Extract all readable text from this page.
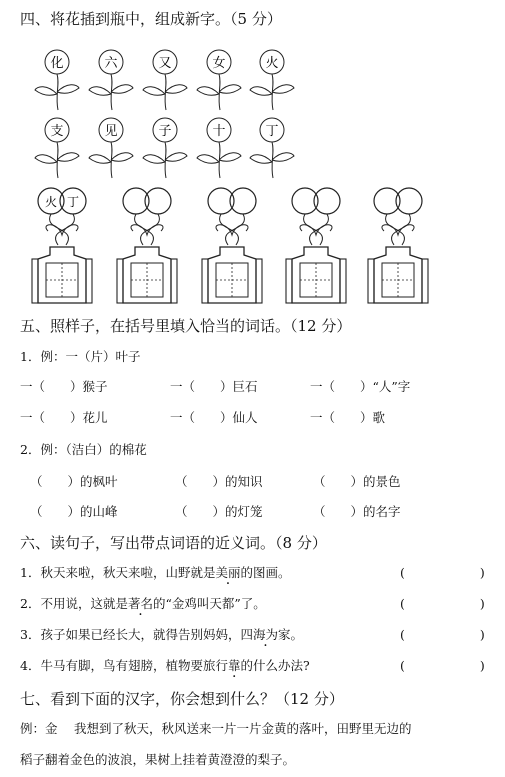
四、将花插到瓶中，组成新字。（5 分）
化	六	又	女	火
支	见	子	十	丁
火 丁
五、照样子，在括号里填入恰当的词话。（12 分）
1．例：一（片）叶子
一（　　）猴子	一（　　）巨石	一（　　）“人”字
一（　　）花儿	一（　　）仙人	一（　　）歌
2．例：（洁白）的棉花
（　　）的枫叶	（　　）的知识	（　　）的景色
（　　）的山峰	（　　）的灯笼	（　　）的名字
六、读句子，写出带点词语的近义词。（8 分）
1．秋天来啦，秋天来啦，山野就是美丽的图画。	(　　　　　　)
2．不用说，这就是著名的“金鸡叫天都”了。	(　　　　　　)
3．孩子如果已经长大，就得告别妈妈，四海为家。	(　　　　　　)
4．牛马有脚，鸟有翅膀，植物要旅行靠的什么办法?	(　　　　　　)
七、看到下面的汉字，你会想到什么？（12 分）
例：金　 我想到了秋天，秋风送来一片一片金黄的落叶，田野里无边的
稻子翻着金色的波浪，果树上挂着黄澄澄的梨子。
